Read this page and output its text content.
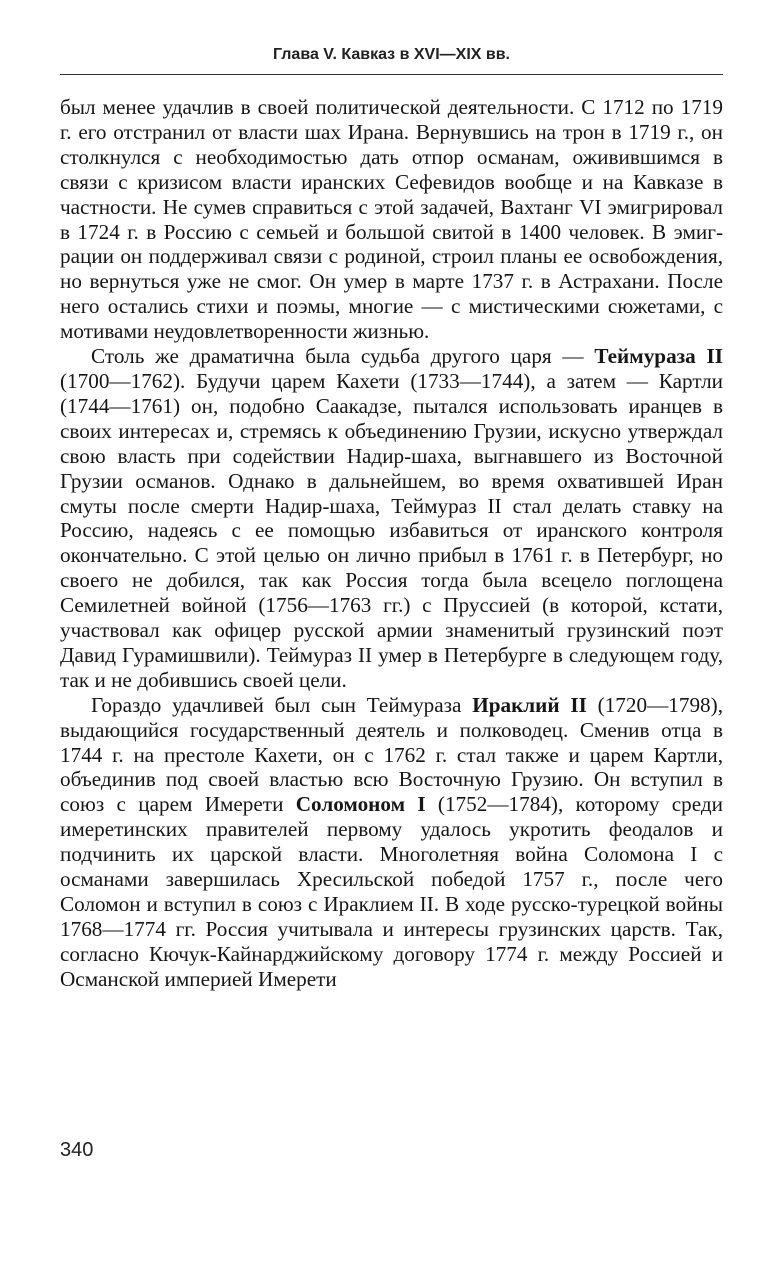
Глава V. Кавказ в XVI—XIX вв.

был менее удачлив в своей политической деятельности. С 1712 по 1719 г. его отстранил от власти шах Ирана. Вернувшись на трон в 1719 г., он столкнулся с необходимостью дать отпор османам, оживившимся в связи с кризисом власти иранских Сефевидов вообще и на Кавказе в частности. Не сумев справиться с этой задачей, Вахтанг VI эмигрировал в 1724 г. в Россию с семьей и большой свитой в 1400 человек. В эмиграции он поддерживал связи с родиной, строил планы ее освобождения, но вернуться уже не смог. Он умер в марте 1737 г. в Астрахани. После него остались стихи и поэмы, многие — с мистическими сюжетами, с мотивами неудовлетворенности жизнью.

Столь же драматична была судьба другого царя — Теймураза II (1700—1762). Будучи царем Кахети (1733—1744), а затем — Картли (1744—1761) он, подобно Саакадзе, пытался использовать иранцев в своих интересах и, стремясь к объединению Грузии, искусно утверждал свою власть при содействии Надир-шаха, выгнавшего из Восточной Грузии османов. Однако в дальнейшем, во время охватившей Иран смуты после смерти Надир-шаха, Теймураз II стал делать ставку на Россию, надеясь с ее помощью избавиться от иранского контроля окончательно. С этой целью он лично прибыл в 1761 г. в Петербург, но своего не добился, так как Россия тогда была всецело поглощена Семилетней войной (1756—1763 гг.) с Пруссией (в которой, кстати, участвовал как офицер русской армии знаменитый грузинский поэт Давид Гурамишвили). Теймураз II умер в Петербурге в следующем году, так и не добившись своей цели.

Гораздо удачливей был сын Теймураза Ираклий II (1720—1798), выдающийся государственный деятель и полководец. Сменив отца в 1744 г. на престоле Кахети, он с 1762 г. стал также и царем Картли, объединив под своей властью всю Восточную Грузию. Он вступил в союз с царем Имерети Соломоном I (1752—1784), которому среди имеретинских правителей первому удалось укротить феодалов и подчинить их царской власти. Многолетняя война Соломона I с османами завершилась Хресильской победой 1757 г., после чего Соломон и вступил в союз с Ираклием II. В ходе русско-турецкой войны 1768—1774 гг. Россия учитывала и интересы грузинских царств. Так, согласно Кючук-Кайнарджийскому договору 1774 г. между Россией и Османской империей Имерети

340
